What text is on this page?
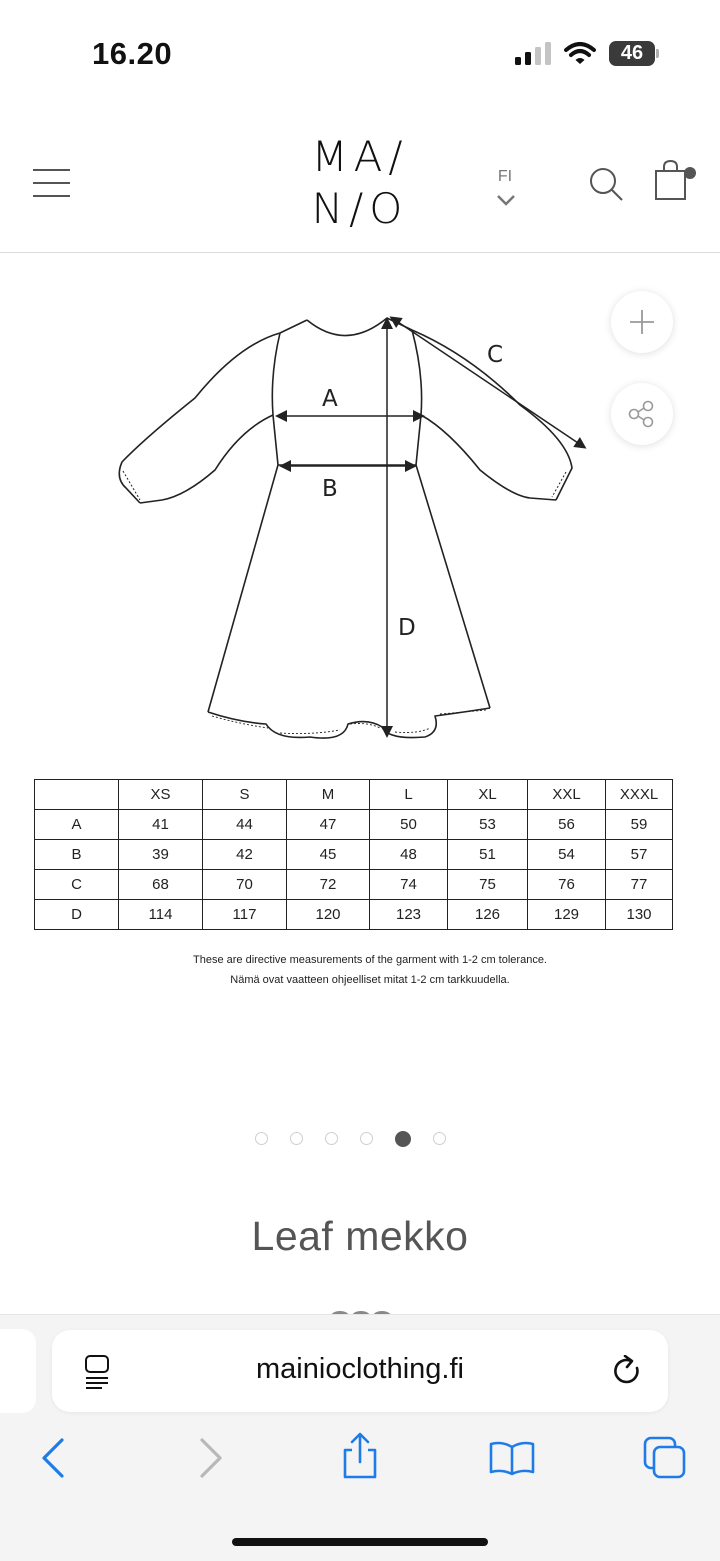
16.20	46
MA/
N/O
FI
A
B
C
D
	XS	S	M	L	XL	XXL	XXXL
A	41	44	47	50	53	56	59
B	39	42	45	48	51	54	57
C	68	70	72	74	75	76	77
D	114	117	120	123	126	129	130
These are directive measurements of the garment with 1-2 cm tolerance.
Nämä ovat vaatteen ohjeelliset mitat 1-2 cm tarkkuudella.
Leaf mekko
mainioclothing.fi
